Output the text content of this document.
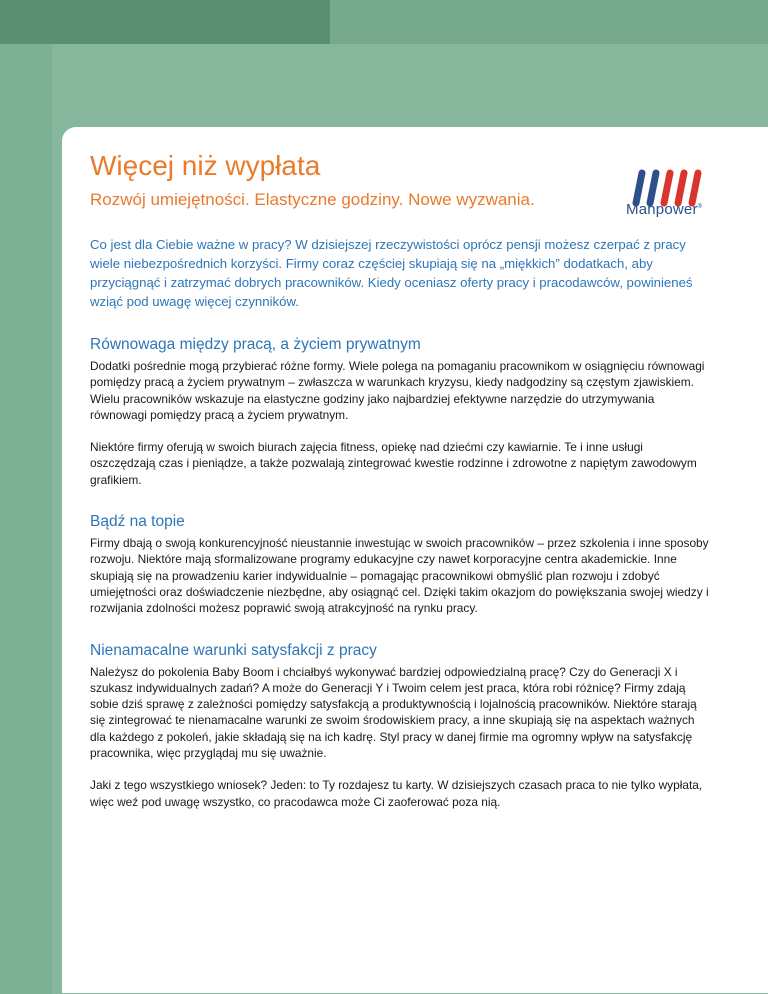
Manpower®
Więcej niż wypłata

Rozwój umiejętności. Elastyczne godziny. Nowe wyzwania.

Co jest dla Ciebie ważne w pracy? W dzisiejszej rzeczywistości oprócz pensji możesz czerpać z pracy wiele niebezpośrednich korzyści. Firmy coraz częściej skupiają się na „miękkich” dodatkach, aby przyciągnąć i zatrzymać dobrych pracowników. Kiedy oceniasz oferty pracy i pracodawców, powinieneś wziąć pod uwagę więcej czynników.

Równowaga między pracą, a życiem prywatnym

Dodatki pośrednie mogą przybierać różne formy. Wiele polega na pomaganiu pracownikom w osiągnięciu równowagi pomiędzy pracą a życiem prywatnym – zwłaszcza w warunkach kryzysu, kiedy nadgodziny są częstym zjawiskiem. Wielu pracowników wskazuje na elastyczne godziny jako najbardziej efektywne narzędzie do utrzymywania równowagi pomiędzy pracą a życiem prywatnym.

Niektóre firmy oferują w swoich biurach zajęcia fitness, opiekę nad dziećmi czy kawiarnie. Te i inne usługi oszczędzają czas i pieniądze, a także pozwalają zintegrować kwestie rodzinne i zdrowotne z napiętym zawodowym grafikiem.

Bądź na topie

Firmy dbają o swoją konkurencyjność nieustannie inwestując w swoich pracowników – przez szkolenia i inne sposoby rozwoju. Niektóre mają sformalizowane programy edukacyjne czy nawet korporacyjne centra akademickie. Inne skupiają się na prowadzeniu karier indywidualnie – pomagając pracownikowi obmyślić plan rozwoju i zdobyć umiejętności oraz doświadczenie niezbędne, aby osiągnąć cel. Dzięki takim okazjom do powiększania swojej wiedzy i rozwijania zdolności możesz poprawić swoją atrakcyjność na rynku pracy.

Nienamacalne warunki satysfakcji z pracy

Należysz do pokolenia Baby Boom i chciałbyś wykonywać bardziej odpowiedzialną pracę? Czy do Generacji X i szukasz indywidualnych zadań? A może do Generacji Y i Twoim celem jest praca, która robi różnicę? Firmy zdają sobie dziś sprawę z zależności pomiędzy satysfakcją a produktywnością i lojalnością pracowników. Niektóre starają się zintegrować te nienamacalne warunki ze swoim środowiskiem pracy, a inne skupiają się na aspektach ważnych dla każdego z pokoleń, jakie składają się na ich kadrę. Styl pracy w danej firmie ma ogromny wpływ na satysfakcję pracownika, więc przyglądaj mu się uważnie.

Jaki z tego wszystkiego wniosek? Jeden: to Ty rozdajesz tu karty. W dzisiejszych czasach praca to nie tylko wypłata, więc weź pod uwagę wszystko, co pracodawca może Ci zaoferować poza nią.
